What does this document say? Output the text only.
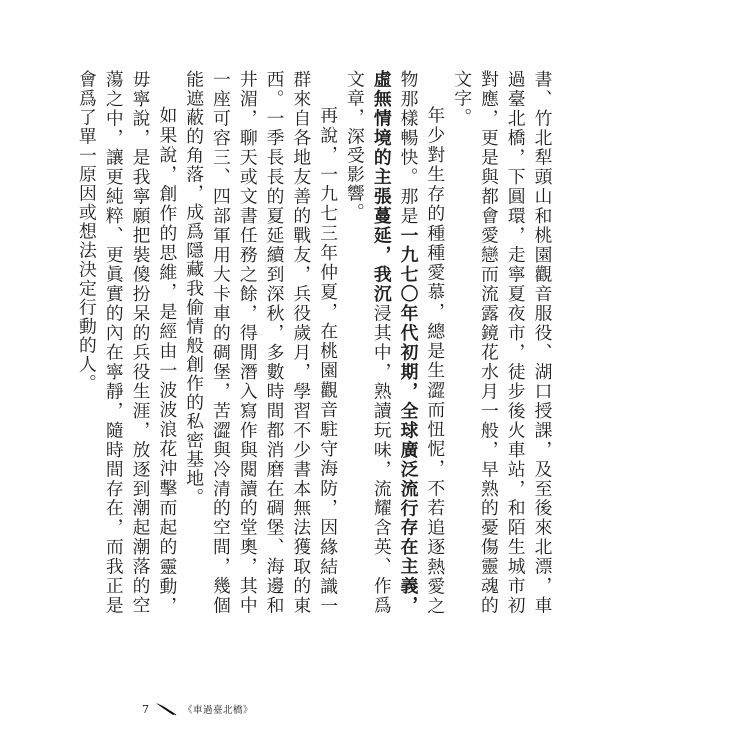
書、竹北犁頭山和桃園觀音服役、湖口授課，及至後來北漂，車過臺北橋，下圓環，走寧夏夜市，徒步後火車站，和陌生城市初對應，更是與都會愛戀而流露鏡花水月一般，早熟的憂傷靈魂的文字。

年少對生存的種種愛慕，總是生澀而忸怩，不若追逐熱愛之物那樣暢快。那是一九七〇年代初期，全球廣泛流行存在主義，虛無情境的主張蔓延，我沉浸其中，熟讀玩味，流耀含英、作爲文章，深受影響。

再說，一九七三年仲夏，在桃園觀音駐守海防，因緣結識一群來自各地友善的戰友，兵役歲月，學習不少書本無法獲取的東西。一季長長的夏延續到深秋，多數時間都消磨在碉堡、海邊和井湄，聊天或文書任務之餘，得閒潛入寫作與閱讀的堂奧，其中一座可容三、四部軍用大卡車的碉堡，苦澀與冷清的空間，幾個能遮蔽的角落，成爲隱藏我偷情般創作的私密基地。

如果說，創作的思維，是經由一波波浪花沖擊而起的靈動，毋寧說，是我寧願把裝傻扮呆的兵役生涯，放逐到潮起潮落的空蕩之中，讓更純粹、更眞實的內在寧靜，隨時間存在，而我正是會爲了單一原因或想法決定行動的人。

7	《車過臺北橋》
